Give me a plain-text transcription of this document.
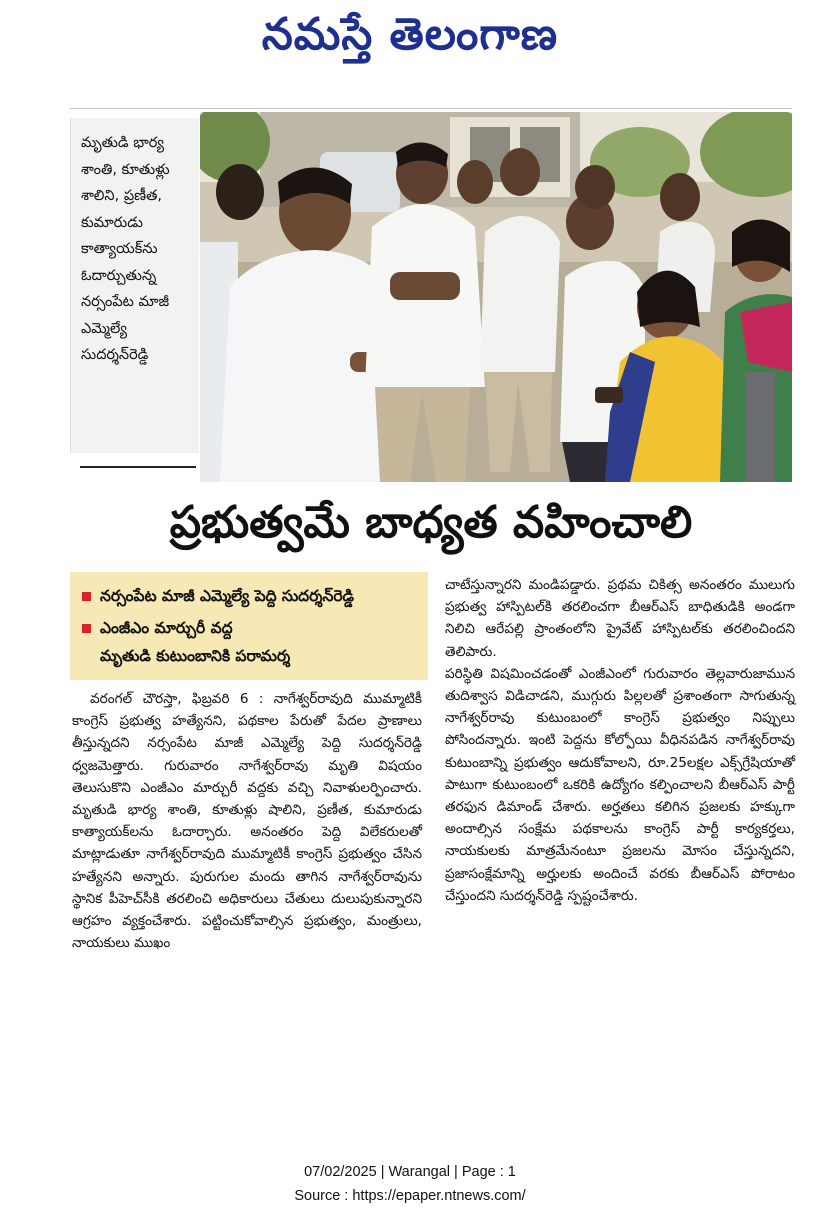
నమస్తే తెలంగాణ
మృతుడి భార్య శాంతి, కూతుళ్లు శాలిని, ప్రణీత, కుమారుడు కాత్యాయక్‌ను ఓదార్చుతున్న నర్సంపేట మాజీ ఎమ్మెల్యే సుదర్శన్‌రెడ్డి
ప్రభుత్వమే బాధ్యత వహించాలి
నర్సంపేట మాజీ ఎమ్మెల్యే పెద్ది సుదర్శన్‌రెడ్డి
ఎంజీఎం మార్చురీ వద్ద
మృతుడి కుటుంబానికి పరామర్శ

వరంగల్ చౌరస్తా, ఫిబ్రవరి 6 : నాగేశ్వర్‌రావుది ముమ్మాటికీ కాంగ్రెస్ ప్రభుత్వ హత్యేనని, పథకాల పేరుతో పేదల ప్రాణాలు తీస్తున్నదని నర్సంపేట మాజీ ఎమ్మెల్యే పెద్ది సుదర్శన్‌రెడ్డి ధ్వజమెత్తారు. గురువారం నాగేశ్వర్‌రావు మృతి విషయం తెలుసుకొని ఎంజీఎం మార్చురీ వద్దకు వచ్చి నివాళులర్పించారు. మృతుడి భార్య శాంతి, కూతుళ్లు షాలిని, ప్రణీత, కుమారుడు కాత్యాయక్‌లను ఓదార్చారు. అనంతరం పెద్ది విలేకరులతో మాట్లాడుతూ నాగేశ్వర్‌రావుది ముమ్మాటికీ కాంగ్రెస్ ప్రభుత్వం చేసిన హత్యేనని అన్నారు. పురుగుల మందు తాగిన నాగేశ్వర్‌రావును స్థానిక పీహెచ్‌సీకి తరలించి అధికారులు చేతులు దులుపుకున్నారని ఆగ్రహం వ్యక్తంచేశారు. పట్టించుకోవాల్సిన ప్రభుత్వం, మంత్రులు, నాయకులు ముఖం

చాటేస్తున్నారని మండిపడ్డారు. ప్రథమ చికిత్స అనంతరం ములుగు ప్రభుత్వ హాస్పిటల్‌కి తరలించగా బీఆర్‌ఎస్ బాధితుడికి అండగా నిలిచి ఆరేపల్లి ప్రాంతంలోని ప్రైవేట్ హాస్పిటల్‌కు తరలించిందని తెలిపారు.

పరిస్థితి విషమించడంతో ఎంజీఎంలో గురువారం తెల్లవారుజామున తుదిశ్వాస విడిచాడని, ముగ్గురు పిల్లలతో ప్రశాంతంగా సాగుతున్న నాగేశ్వర్‌రావు కుటుంబంలో కాంగ్రెస్ ప్రభుత్వం నిప్పులు పోసిందన్నారు. ఇంటి పెద్దను కోల్పోయి వీధినపడిన నాగేశ్వర్‌రావు కుటుంబాన్ని ప్రభుత్వం ఆదుకోవాలని, రూ.25లక్షల ఎక్స్‌గ్రేషియాతో పాటుగా కుటుంబంలో ఒకరికి ఉద్యోగం కల్పించాలని బీఆర్‌ఎస్ పార్టీ తరఫున డిమాండ్ చేశారు. అర్హతలు కలిగిన ప్రజలకు హక్కుగా అందాల్సిన సంక్షేమ పథకాలను కాంగ్రెస్ పార్టీ కార్యకర్తలు, నాయకులకు మాత్రమేనంటూ ప్రజలను మోసం చేస్తున్నదని, ప్రజాసంక్షేమాన్ని అర్హులకు అందించే వరకు బీఆర్‌ఎస్ పోరాటం చేస్తుందని సుదర్శన్‌రెడ్డి స్పష్టంచేశారు.

07/02/2025 | Warangal | Page : 1
Source : https://epaper.ntnews.com/
